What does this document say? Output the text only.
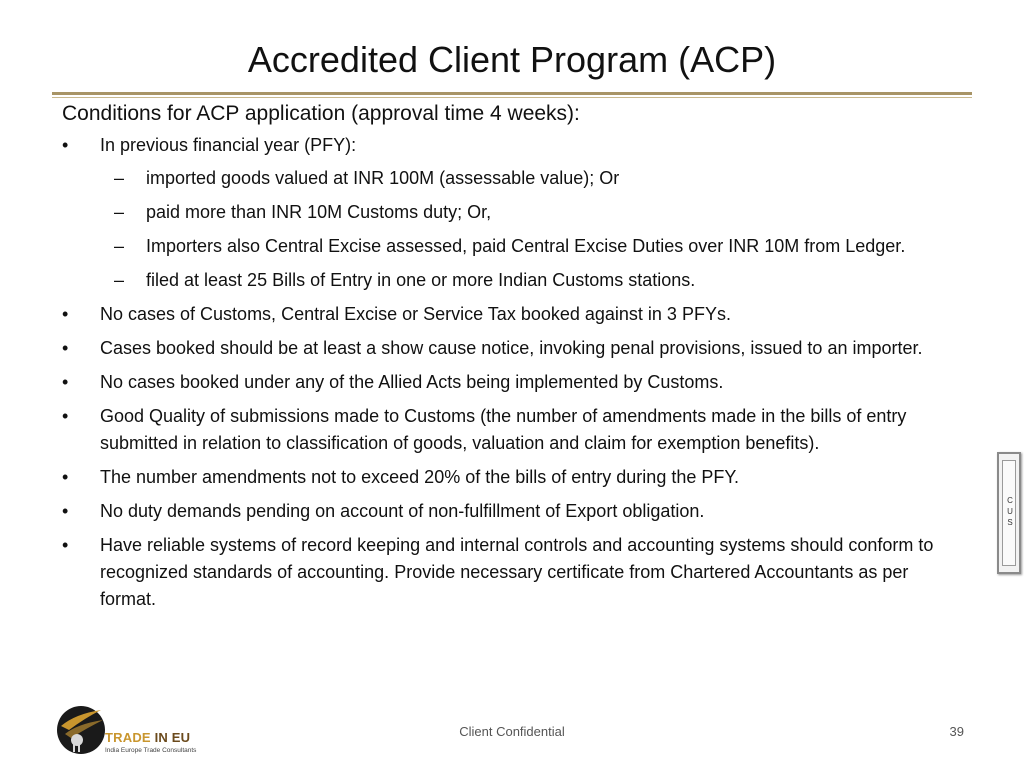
Accredited Client Program (ACP)

Conditions for ACP application (approval time 4 weeks):

•	In previous financial year (PFY):
–	imported goods valued at INR 100M (assessable value); Or
–	paid more than INR 10M Customs duty; Or,
–	Importers also Central Excise assessed, paid Central Excise Duties over INR 10M from Ledger.
–	filed at least 25 Bills of Entry in one or more Indian Customs stations.
•	No cases of Customs, Central Excise or Service Tax booked against in 3 PFYs.
•	Cases booked should be at least a show cause notice, invoking penal provisions, issued to an importer.
•	No cases booked under any of the Allied Acts being implemented by Customs.
•	Good Quality of submissions made to Customs (the number of amendments made in the bills of entry submitted in relation to classification of goods, valuation and claim for exemption benefits).
•	The number amendments not to exceed 20% of the bills of entry during the PFY.
•	No duty demands pending on account of non-fulfillment of Export obligation.
•	Have reliable systems of record keeping and internal controls and accounting systems should conform to recognized standards of accounting. Provide necessary certificate from Chartered Accountants as per format.
C
U
S
TRADE IN EU
India Europe Trade Consultants
Client Confidential	39
